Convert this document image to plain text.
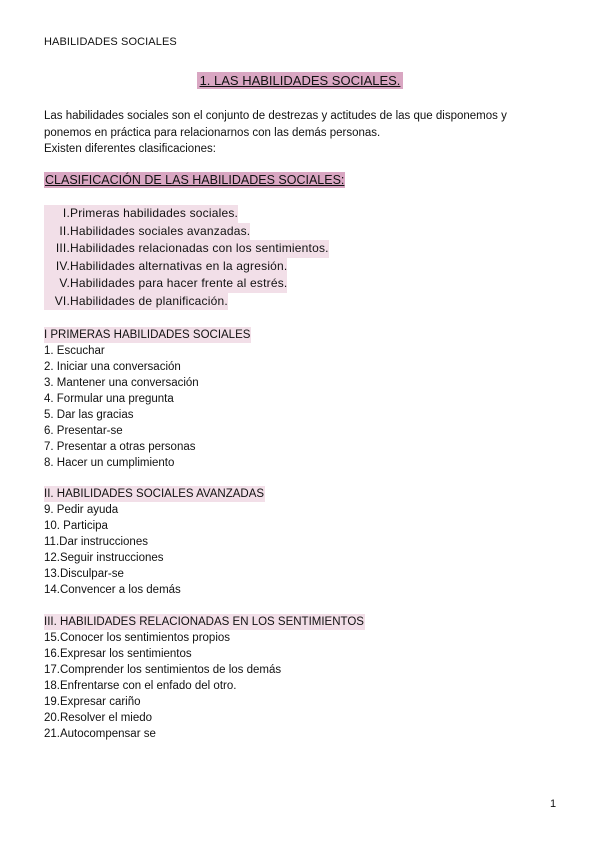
HABILIDADES SOCIALES
1. LAS HABILIDADES SOCIALES.

Las habilidades sociales son el conjunto de destrezas y actitudes de las que disponemos y

ponemos en práctica para relacionarnos con las demás personas.

Existen diferentes clasificaciones:

CLASIFICACIÓN DE LAS HABILIDADES SOCIALES:
I. Primeras habilidades sociales.
II. Habilidades sociales avanzadas.
III. Habilidades relacionadas con los sentimientos.
IV. Habilidades alternativas en la agresión.
V. Habilidades para hacer frente al estrés.
VI. Habilidades de planificación.
I PRIMERAS HABILIDADES SOCIALES
1. Escuchar
2. Iniciar una conversación
3. Mantener una conversación
4. Formular una pregunta
5. Dar las gracias
6. Presentar-se
7. Presentar a otras personas
8. Hacer un cumplimiento
II. HABILIDADES SOCIALES AVANZADAS
9. Pedir ayuda
10. Participa
11.Dar instrucciones
12.Seguir instrucciones
13.Disculpar-se
14.Convencer a los demás
III. HABILIDADES RELACIONADAS EN LOS SENTIMIENTOS
15.Conocer los sentimientos propios
16.Expresar los sentimientos
17.Comprender los sentimientos de los demás
18.Enfrentarse con el enfado del otro.
19.Expresar cariño
20.Resolver el miedo
21.Autocompensar se
1
